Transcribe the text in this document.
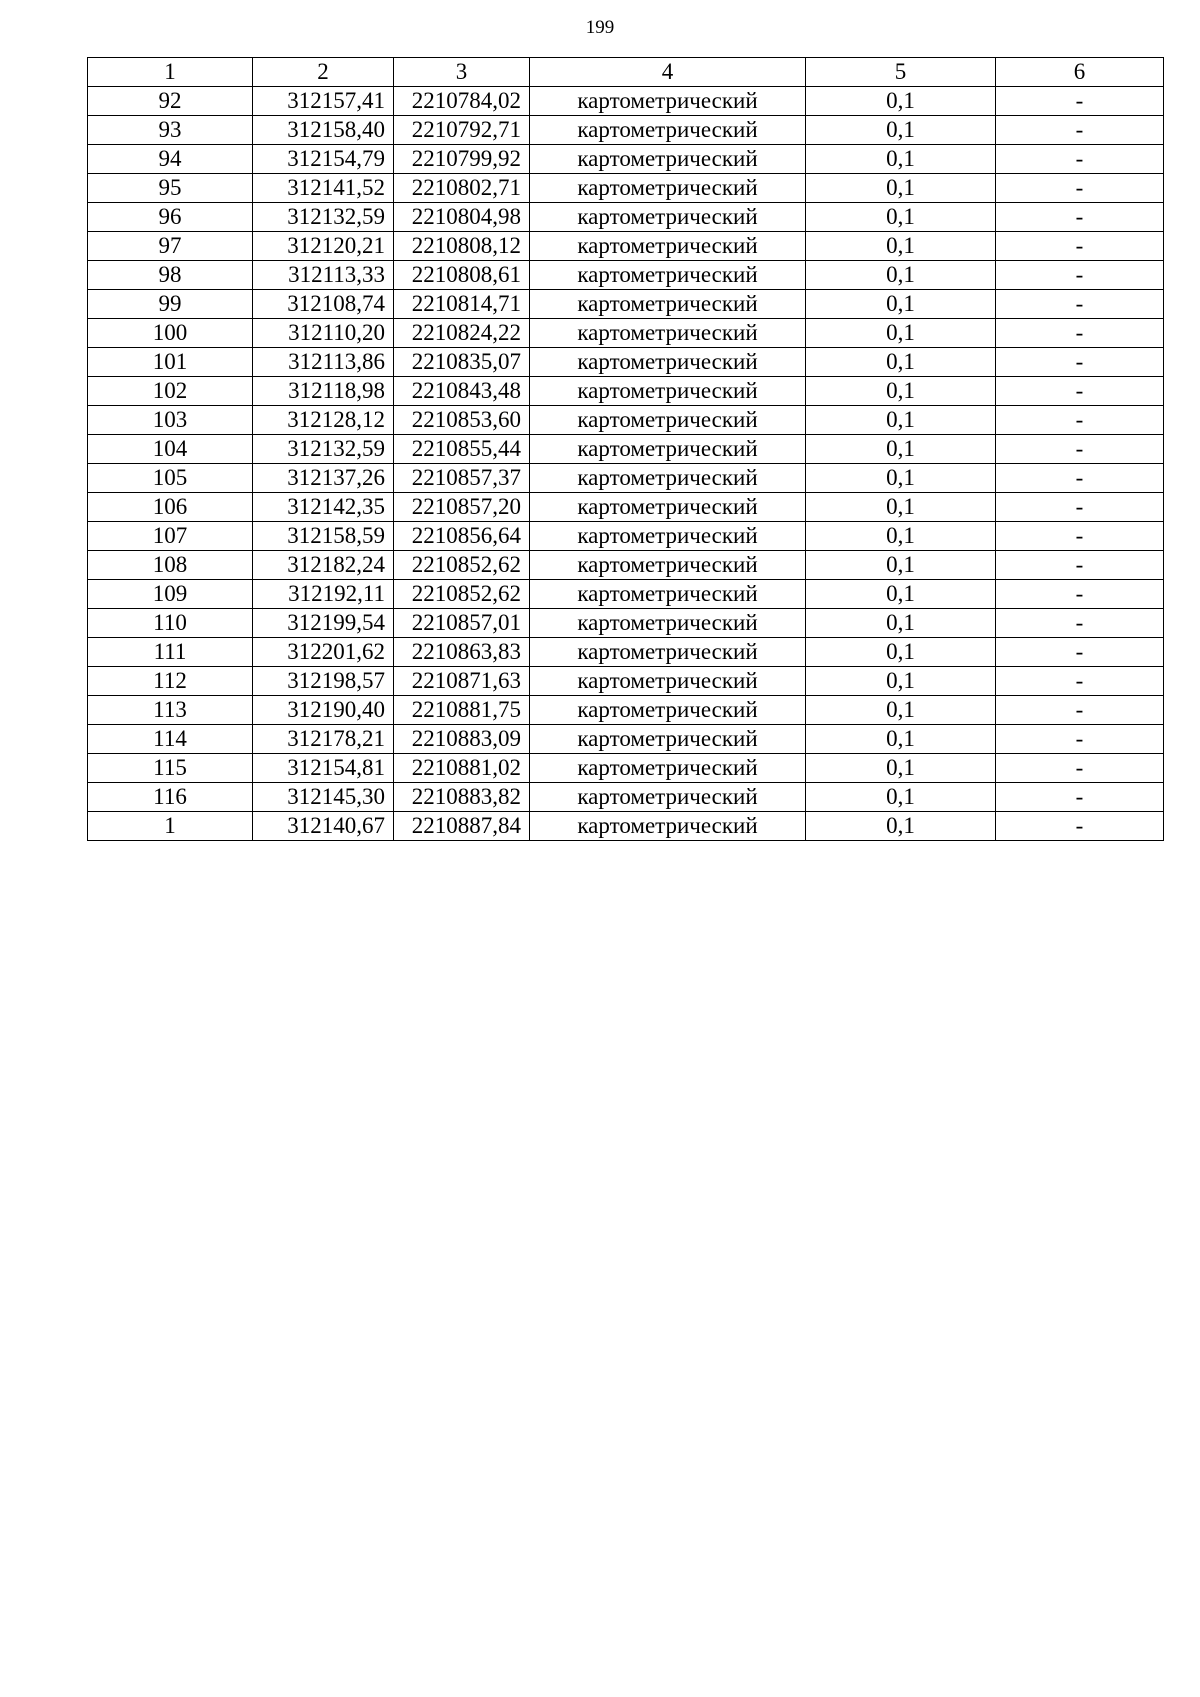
199
1	2	3	4	5	6
92	312157,41	2210784,02	картометрический	0,1	-
93	312158,40	2210792,71	картометрический	0,1	-
94	312154,79	2210799,92	картометрический	0,1	-
95	312141,52	2210802,71	картометрический	0,1	-
96	312132,59	2210804,98	картометрический	0,1	-
97	312120,21	2210808,12	картометрический	0,1	-
98	312113,33	2210808,61	картометрический	0,1	-
99	312108,74	2210814,71	картометрический	0,1	-
100	312110,20	2210824,22	картометрический	0,1	-
101	312113,86	2210835,07	картометрический	0,1	-
102	312118,98	2210843,48	картометрический	0,1	-
103	312128,12	2210853,60	картометрический	0,1	-
104	312132,59	2210855,44	картометрический	0,1	-
105	312137,26	2210857,37	картометрический	0,1	-
106	312142,35	2210857,20	картометрический	0,1	-
107	312158,59	2210856,64	картометрический	0,1	-
108	312182,24	2210852,62	картометрический	0,1	-
109	312192,11	2210852,62	картометрический	0,1	-
110	312199,54	2210857,01	картометрический	0,1	-
111	312201,62	2210863,83	картометрический	0,1	-
112	312198,57	2210871,63	картометрический	0,1	-
113	312190,40	2210881,75	картометрический	0,1	-
114	312178,21	2210883,09	картометрический	0,1	-
115	312154,81	2210881,02	картометрический	0,1	-
116	312145,30	2210883,82	картометрический	0,1	-
1	312140,67	2210887,84	картометрический	0,1	-
